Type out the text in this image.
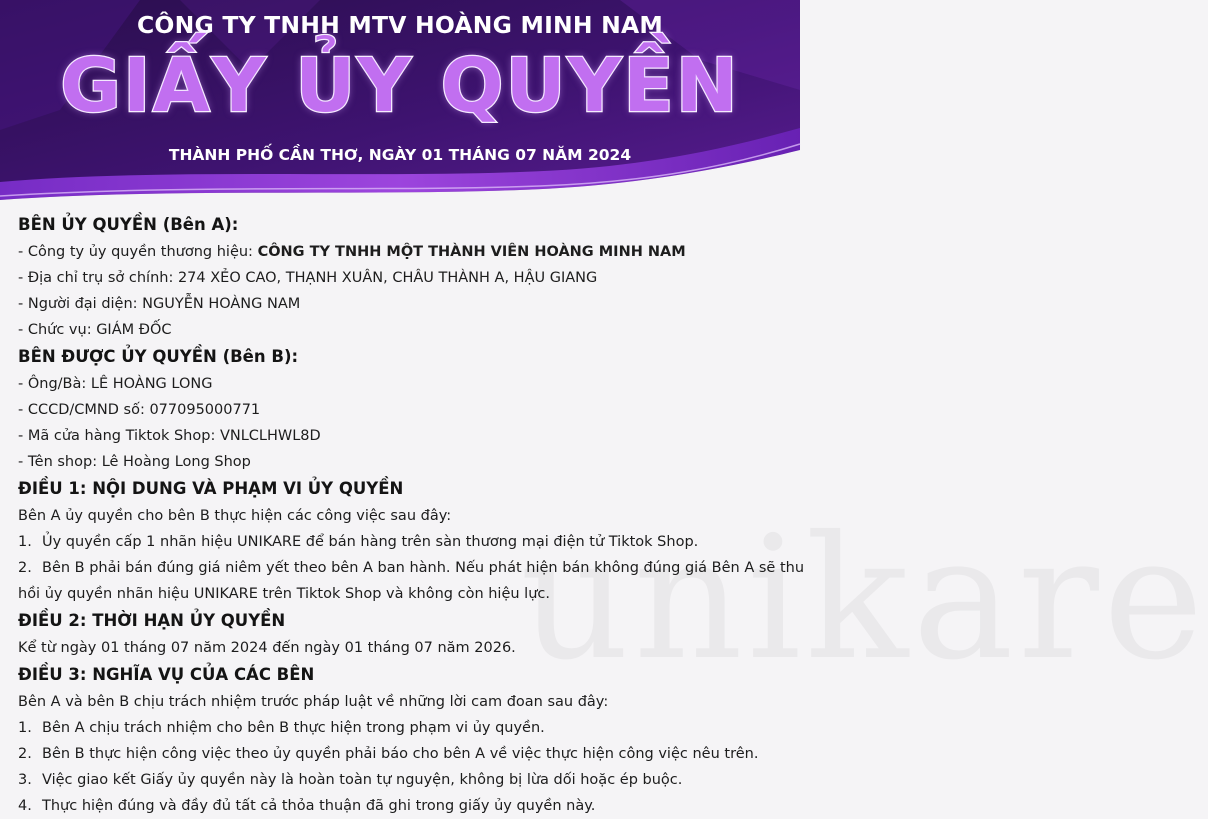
CÔNG TY TNHH MTV HOÀNG MINH NAM
GIẤY ỦY QUYỀN
THÀNH PHỐ CẦN THƠ, NGÀY 01 THÁNG 07 NĂM 2024
BÊN ỦY QUYỀN (Bên A):
- Công ty ủy quyền thương hiệu: CÔNG TY TNHH MỘT THÀNH VIÊN HOÀNG MINH NAM
- Địa chỉ trụ sở chính: 274 XẺO CAO, THẠNH XUÂN, CHÂU THÀNH A, HẬU GIANG
- Người đại diện: NGUYỄN HOÀNG NAM
- Chức vụ: GIÁM ĐỐC
BÊN ĐƯỢC ỦY QUYỀN (Bên B):
- Ông/Bà: LÊ HOÀNG LONG
- CCCD/CMND số: 077095000771
- Mã cửa hàng Tiktok Shop: VNLCLHWL8D
- Tên shop: Lê Hoàng Long Shop
ĐIỀU 1: NỘI DUNG VÀ PHẠM VI ỦY QUYỀN
Bên A ủy quyền cho bên B thực hiện các công việc sau đây:
1. Ủy quyền cấp 1 nhãn hiệu UNIKARE để bán hàng trên sàn thương mại điện tử Tiktok Shop.
2. Bên B phải bán đúng giá niêm yết theo bên A ban hành. Nếu phát hiện bán không đúng giá Bên A sẽ thu
hồi ủy quyền nhãn hiệu UNIKARE trên Tiktok Shop và không còn hiệu lực.
ĐIỀU 2: THỜI HẠN ỦY QUYỀN
Kể từ ngày 01 tháng 07 năm 2024 đến ngày 01 tháng 07 năm 2026.
ĐIỀU 3: NGHĨA VỤ CỦA CÁC BÊN
Bên A và bên B chịu trách nhiệm trước pháp luật về những lời cam đoan sau đây:
1. Bên A chịu trách nhiệm cho bên B thực hiện trong phạm vi ủy quyền.
2. Bên B thực hiện công việc theo ủy quyền phải báo cho bên A về việc thực hiện công việc nêu trên.
3. Việc giao kết Giấy ủy quyền này là hoàn toàn tự nguyện, không bị lừa dối hoặc ép buộc.
4. Thực hiện đúng và đầy đủ tất cả thỏa thuận đã ghi trong giấy ủy quyền này.
